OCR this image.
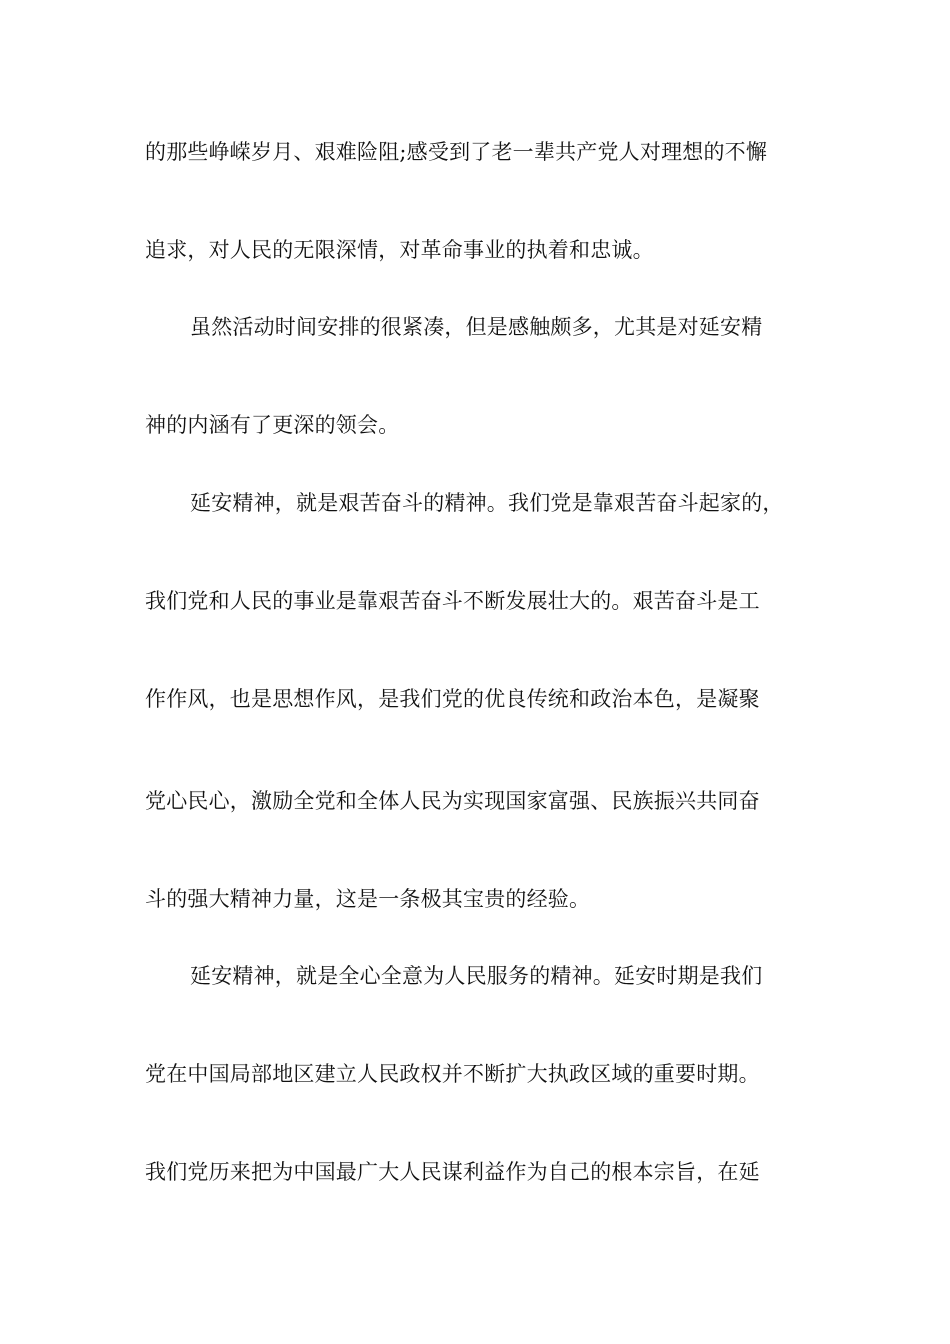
的那些峥嵘岁月、艰难险阻;感受到了老一辈共产党人对理想的不懈
追求，对人民的无限深情，对革命事业的执着和忠诚。
虽然活动时间安排的很紧凑，但是感触颇多，尤其是对延安精
神的内涵有了更深的领会。
延安精神，就是艰苦奋斗的精神。我们党是靠艰苦奋斗起家的，
我们党和人民的事业是靠艰苦奋斗不断发展壮大的。艰苦奋斗是工
作作风，也是思想作风，是我们党的优良传统和政治本色，是凝聚
党心民心，激励全党和全体人民为实现国家富强、民族振兴共同奋
斗的强大精神力量，这是一条极其宝贵的经验。
延安精神，就是全心全意为人民服务的精神。延安时期是我们
党在中国局部地区建立人民政权并不断扩大执政区域的重要时期。
我们党历来把为中国最广大人民谋利益作为自己的根本宗旨，在延
